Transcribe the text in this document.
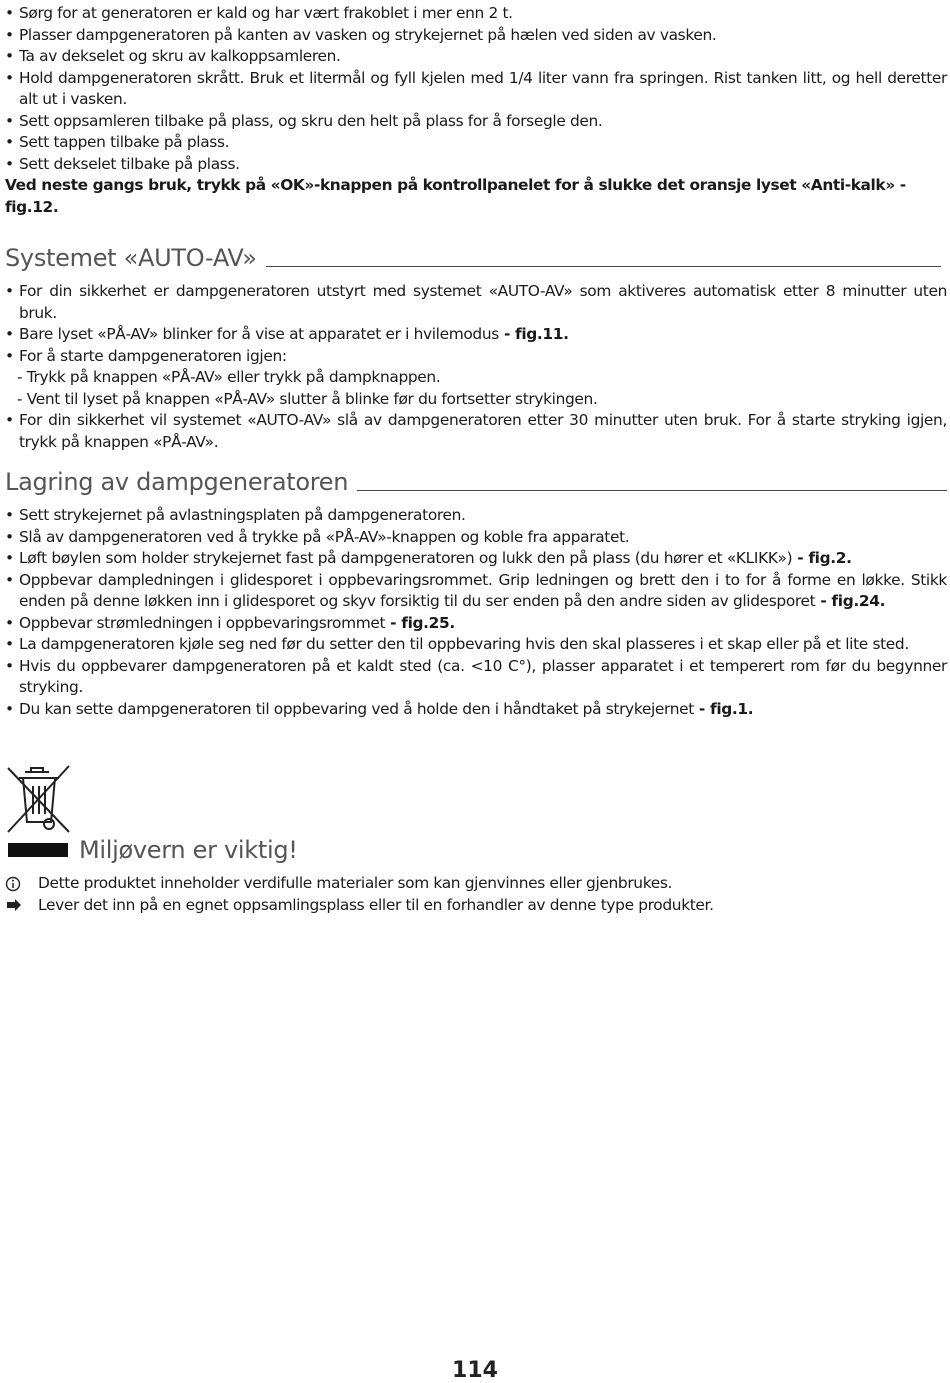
• Sørg for at generatoren er kald og har vært frakoblet i mer enn 2 t.
• Plasser dampgeneratoren på kanten av vasken og strykejernet på hælen ved siden av vasken.
• Ta av dekselet og skru av kalkoppsamleren.
• Hold dampgeneratoren skrått. Bruk et litermål og fyll kjelen med 1/4 liter vann fra springen. Rist tanken litt, og hell deretter alt ut i vasken.
• Sett oppsamleren tilbake på plass, og skru den helt på plass for å forsegle den.
• Sett tappen tilbake på plass.
• Sett dekselet tilbake på plass.
Ved neste gangs bruk, trykk på «OK»-knappen på kontrollpanelet for å slukke det oransje lyset «Anti-kalk» - fig.12.
Systemet «AUTO-AV»
• For din sikkerhet er dampgeneratoren utstyrt med systemet «AUTO-AV» som aktiveres automatisk etter 8 minutter uten bruk.
• Bare lyset «PÅ-AV» blinker for å vise at apparatet er i hvilemodus - fig.11.
• For å starte dampgeneratoren igjen:
- Trykk på knappen «PÅ-AV» eller trykk på dampknappen.
- Vent til lyset på knappen «PÅ-AV» slutter å blinke før du fortsetter strykingen.
• For din sikkerhet vil systemet «AUTO-AV» slå av dampgeneratoren etter 30 minutter uten bruk. For å starte stryking igjen, trykk på knappen «PÅ-AV».
Lagring av dampgeneratoren
• Sett strykejernet på avlastningsplaten på dampgeneratoren.
• Slå av dampgeneratoren ved å trykke på «PÅ-AV»-knappen og koble fra apparatet.
• Løft bøylen som holder strykejernet fast på dampgeneratoren og lukk den på plass (du hører et «KLIKK») - fig.2.
• Oppbevar dampledningen i glidesporet i oppbevaringsrommet. Grip ledningen og brett den i to for å forme en løkke. Stikk enden på denne løkken inn i glidesporet og skyv forsiktig til du ser enden på den andre siden av glidesporet - fig.24.
• Oppbevar strømledningen i oppbevaringsrommet - fig.25.
• La dampgeneratoren kjøle seg ned før du setter den til oppbevaring hvis den skal plasseres i et skap eller på et lite sted.
• Hvis du oppbevarer dampgeneratoren på et kaldt sted (ca. <10 C°), plasser apparatet i et temperert rom før du begynner stryking.
• Du kan sette dampgeneratoren til oppbevaring ved å holde den i håndtaket på strykejernet - fig.1.
Miljøvern er viktig!
Dette produktet inneholder verdifulle materialer som kan gjenvinnes eller gjenbrukes.
Lever det inn på en egnet oppsamlingsplass eller til en forhandler av denne type produkter.
114
